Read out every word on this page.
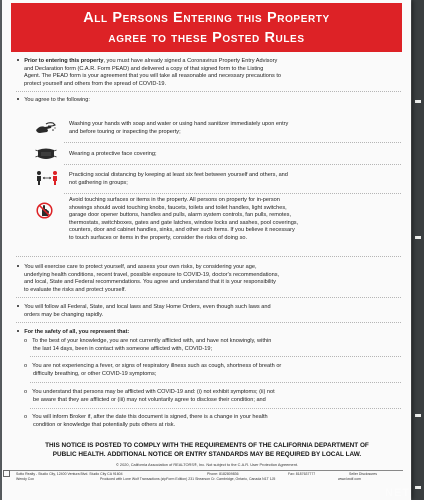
All Persons Entering this Property
agree to these Posted Rules
Prior to entering this property, you must have already signed a Coronavirus Property Entry Advisory
and Declaration form (C.A.R. Form PEAD) and delivered a copy of that signed form to the Listing
Agent. The PEAD form is your agreement that you will take all reasonable and necessary precautions to
protect yourself and others from the spread of COVID-19.
You agree to the following:
Washing your hands with soap and water or using hand sanitizer immediately upon entry
and before touring or inspecting the property;
Wearing a protective face covering;
Practicing social distancing by keeping at least six feet between yourself and others, and
not gathering in groups;
Avoid touching surfaces or items in the property. All persons on property for in-person
showings should avoid touching knobs, faucets, toilets and toilet handles, light switches,
garage door opener buttons, handles and pulls, alarm system controls, fan pulls, remotes,
thermostats, switchboxes, gates and gate latches, window locks and sashes, pool coverings,
counters, door and cabinet handles, sinks, and other such items. If you believe it necessary
to touch surfaces or items in the property, consider the risks of doing so.
You will exercise care to protect yourself, and assess your own risks, by considering your age,
underlying health conditions, recent travel, possible exposure to COVID-19, doctor's recommendations,
and local, State and Federal recommendations. You agree and understand that it is your responsibility
to evaluate the risks and protect yourself.
You will follow all Federal, State, and local laws and Stay Home Orders, even though such laws and
orders may be changing rapidly.
For the safety of all, you represent that:
o To the best of your knowledge, you are not currently afflicted with, and have not knowingly, within
the last 14 days, been in contact with someone afflicted with, COVID-19;
o You are not experiencing a fever, or signs of respiratory illness such as cough, shortness of breath or
difficulty breathing, or other COVID-19 symptoms;
o You understand that persons may be afflicted with COVID-19 and: (i) not exhibit symptoms; (ii) not
be aware that they are afflicted or (iii) may not voluntarily agree to disclose their condition; and
o You will inform Broker if, after the date this document is signed, there is a change in your health
condition or knowledge that potentially puts others at risk.
THIS NOTICE IS POSTED TO COMPLY WITH THE REQUIREMENTS OF THE CALIFORNIA DEPARTMENT OF
PUBLIC HEALTH. ADDITIONAL NOTICE OR ENTRY STANDARDS MAY BE REQUIRED BY LOCAL LAW.
© 2020, California Association of REALTORS®, Inc. Not subject to the C.A.R. User Protection Agreement.
Sotto Realty - Studio City, 12400 Ventura Blvd. Studio City CA 91604
Wendy Cox
Phone: 8182809836
Produced with Lone Wolf Transactions (zipForm Edition) 231 Shearson Cr. Cambridge, Ontario, Canada N1T 1J5	www.lwolf.com
Fax: 8187637777	Seller Disclosures
NET
